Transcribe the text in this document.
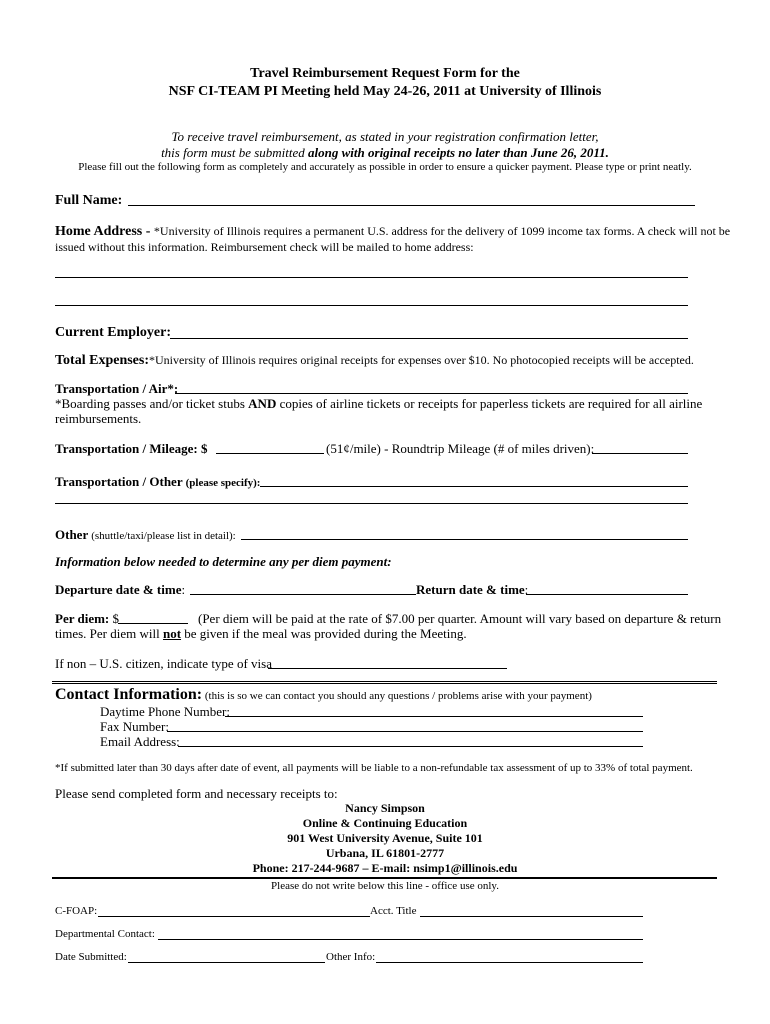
Travel Reimbursement Request Form for the
NSF CI-TEAM PI Meeting held May 24-26, 2011 at University of Illinois
To receive travel reimbursement, as stated in your registration confirmation letter,
this form must be submitted along with original receipts no later than June 26, 2011.
Please fill out the following form as completely and accurately as possible in order to ensure a quicker payment. Please type or print neatly.
Full Name:
Home Address - *University of Illinois requires a permanent U.S. address for the delivery of 1099 income tax forms. A check will not be
issued without this information. Reimbursement check will be mailed to home address:
Current Employer:
Total Expenses:*University of Illinois requires original receipts for expenses over $10. No photocopied receipts will be accepted.
Transportation / Air*:
*Boarding passes and/or ticket stubs AND copies of airline tickets or receipts for paperless tickets are required for all airline
reimbursements.
Transportation / Mileage: $	(51¢/mile) - Roundtrip Mileage (# of miles driven):
Transportation / Other (please specify):
Other (shuttle/taxi/please list in detail):
Information below needed to determine any per diem payment:
Departure date & time:	Return date & time:
Per diem: $	(Per diem will be paid at the rate of $7.00 per quarter. Amount will vary based on departure & return
times. Per diem will not be given if the meal was provided during the Meeting.
If non – U.S. citizen, indicate type of visa
Contact Information: (this is so we can contact you should any questions / problems arise with your payment)
Daytime Phone Number:
Fax Number:
Email Address:
*If submitted later than 30 days after date of event, all payments will be liable to a non-refundable tax assessment of up to 33% of total payment.
Please send completed form and necessary receipts to:
Nancy Simpson
Online & Continuing Education
901 West University Avenue, Suite 101
Urbana, IL 61801-2777
Phone: 217-244-9687 – E-mail: nsimp1@illinois.edu
Please do not write below this line - office use only.
C-FOAP:	Acct. Title
Departmental Contact:
Date Submitted:	Other Info:
